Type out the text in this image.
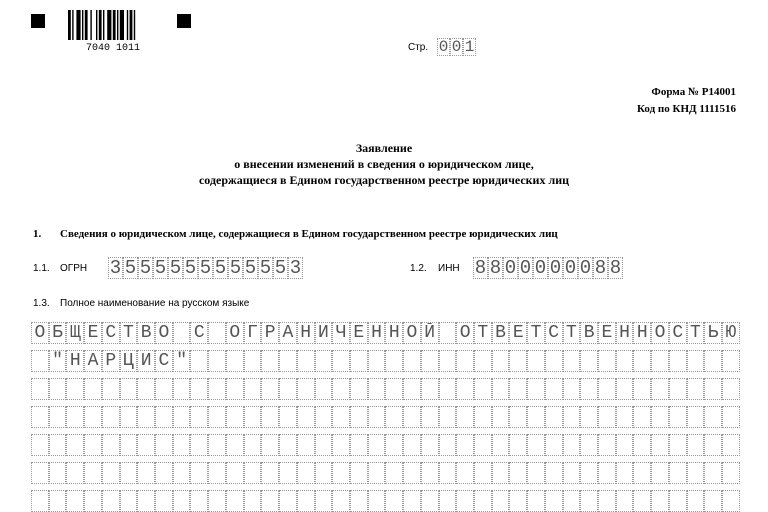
7040 1011	Стр. 0 0 1
Форма № Р14001
Код по КНД 1111516
Заявление
о внесении изменений в сведения о юридическом лице,
содержащиеся в Едином государственном реестре юридических лиц
1. Сведения о юридическом лице, содержащиеся в Едином государственном реестре юридических лиц
1.1. ОГРН 3 5 5 5 5 5 5 5 5 5 5 5 3	1.2. ИНН 8 8 0 0 0 0 0 0 8 8
1.3. Полное наименование на русском языке
О Б Щ Е С Т В О С О Г Р А Н И Ч Е Н Н О Й О Т В Е Т С Т В Е Н Н О С Т Ь Ю
" Н А Р Ц И С "
